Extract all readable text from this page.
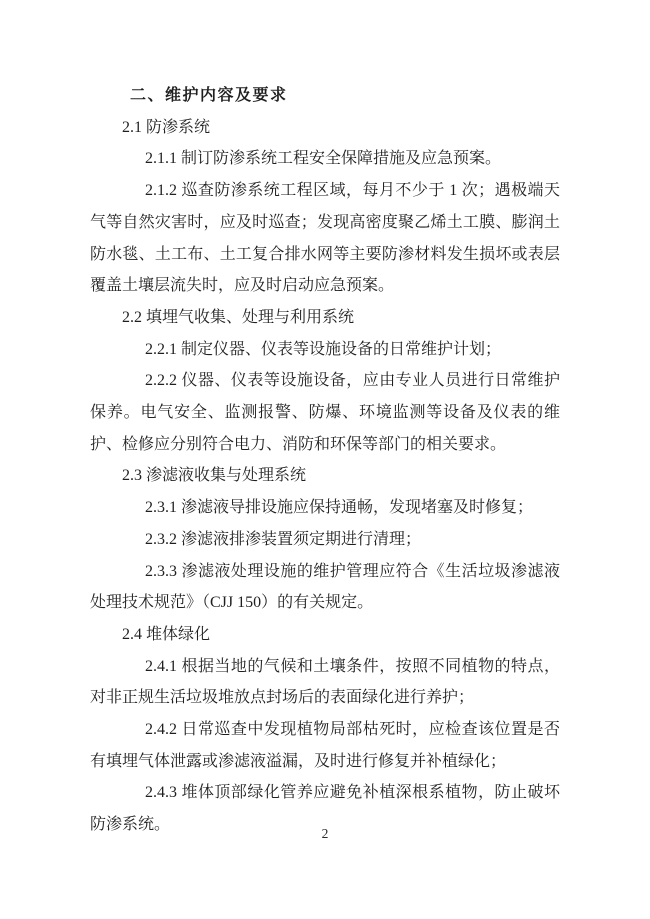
二、维护内容及要求

2.1 防渗系统

2.1.1 制订防渗系统工程安全保障措施及应急预案。

2.1.2 巡查防渗系统工程区域，每月不少于 1 次；遇极端天气等自然灾害时，应及时巡查；发现高密度聚乙烯土工膜、膨润土防水毯、土工布、土工复合排水网等主要防渗材料发生损坏或表层覆盖土壤层流失时，应及时启动应急预案。

2.2 填埋气收集、处理与利用系统

2.2.1 制定仪器、仪表等设施设备的日常维护计划；

2.2.2 仪器、仪表等设施设备，应由专业人员进行日常维护保养。电气安全、监测报警、防爆、环境监测等设备及仪表的维护、检修应分别符合电力、消防和环保等部门的相关要求。

2.3 渗滤液收集与处理系统

2.3.1 渗滤液导排设施应保持通畅，发现堵塞及时修复；

2.3.2 渗滤液排渗装置须定期进行清理；

2.3.3 渗滤液处理设施的维护管理应符合《生活垃圾渗滤液处理技术规范》（CJJ 150）的有关规定。

2.4 堆体绿化

2.4.1 根据当地的气候和土壤条件，按照不同植物的特点，对非正规生活垃圾堆放点封场后的表面绿化进行养护；

2.4.2 日常巡查中发现植物局部枯死时，应检查该位置是否有填埋气体泄露或渗滤液溢漏，及时进行修复并补植绿化；

2.4.3 堆体顶部绿化管养应避免补植深根系植物，防止破坏防渗系统。

2
